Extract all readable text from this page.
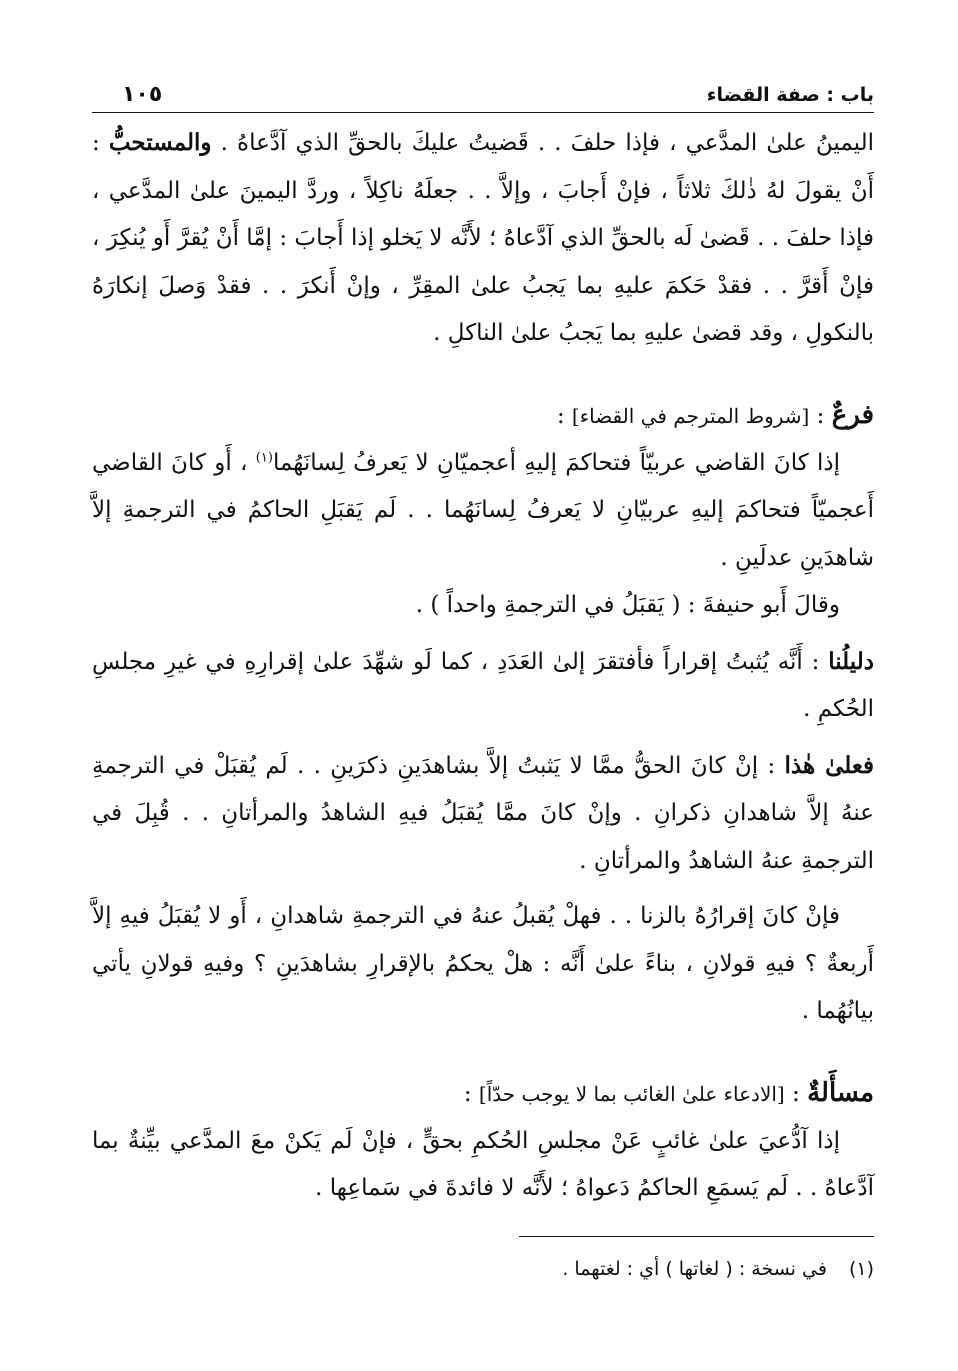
باب : صفة القضاء
١٠٥

اليمينُ علىٰ المدَّعي ، فإذا حلفَ . . قَضيتُ عليكَ بالحقِّ الذي آدَّعاهُ . والمستحبُّ : أَنْ يقولَ لهُ ذٰلكَ ثلاثاً ، فإنْ أَجابَ ، وإلاَّ . . جعلَهُ ناكِلاً ، وردَّ اليمينَ علىٰ المدَّعي ، فإذا حلفَ . . قَضىٰ لَه بالحقِّ الذي آدَّعاهُ ؛ لأَنَّه لا يَخلو إذا أَجابَ : إمَّا أَنْ يُقرَّ أَو يُنكِرَ ، فإنْ أَقرَّ . . فقدْ حَكمَ عليهِ بما يَجبُ علىٰ المقِرِّ ، وإنْ أَنكرَ . . فقدْ وَصلَ إنكارَهُ بالنكولِ ، وقد قضىٰ عليهِ بما يَجبُ علىٰ الناكلِ .

فرعٌ : [شروط المترجم في القضاء] :

إذا كانَ القاضي عربيّاً فتحاكمَ إليهِ أعجميّانِ لا يَعرفُ لِسانَهُما$^{(١)}$ ، أَو كانَ القاضي أَعجميّاً فتحاكمَ إليهِ عربيّانِ لا يَعرفُ لِسانَهُما . . لَم يَقبَلِ الحاكمُ في الترجمةِ إلاَّ شاهدَينِ عدلَينِ .

وقالَ أَبو حنيفةَ : ( يَقبَلُ في الترجمةِ واحداً ) .

دليلُنا : أَنَّه يُثبتُ إقراراً فأفتقرَ إلىٰ العَدَدِ ، كما لَو شهِّدَ علىٰ إقرارِهِ في غيرِ مجلسِ الحُكمِ .

فعلىٰ هٰذا : إنْ كانَ الحقُّ ممَّا لا يَثبتُ إلاَّ بشاهدَينِ ذكرَينِ . . لَم يُقبَلْ في الترجمةِ عنهُ إلاَّ شاهدانِ ذكرانِ . وإنْ كانَ ممَّا يُقبَلُ فيهِ الشاهدُ والمرأتانِ . . قُبِلَ في الترجمةِ عنهُ الشاهدُ والمرأتانِ .

فإنْ كانَ إقرارُهُ بالزنا . . فهلْ يُقبلُ عنهُ في الترجمةِ شاهدانِ ، أَو لا يُقبَلُ فيهِ إلاَّ أَربعةٌ ؟ فيهِ قولانِ ، بناءً علىٰ أَنَّه : هلْ يحكمُ بالإقرارِ بشاهدَينِ ؟ وفيهِ قولانِ يأتي بيانُهُما .

مسأَلةٌ : [الادعاء علىٰ الغائب بما لا يوجب حدّاً] :

إذا آدُّعيَ علىٰ غائبٍ عَنْ مجلسِ الحُكمِ بحقٍّ ، فإنْ لَم يَكنْ معَ المدَّعي بيِّنةٌ بما آدَّعاهُ . . لَم يَسمَعِ الحاكمُ دَعواهُ ؛ لأَنَّه لا فائدةَ في سَماعِها .

(١)في نسخة : ( لغاتها ) أي : لغتهما .
